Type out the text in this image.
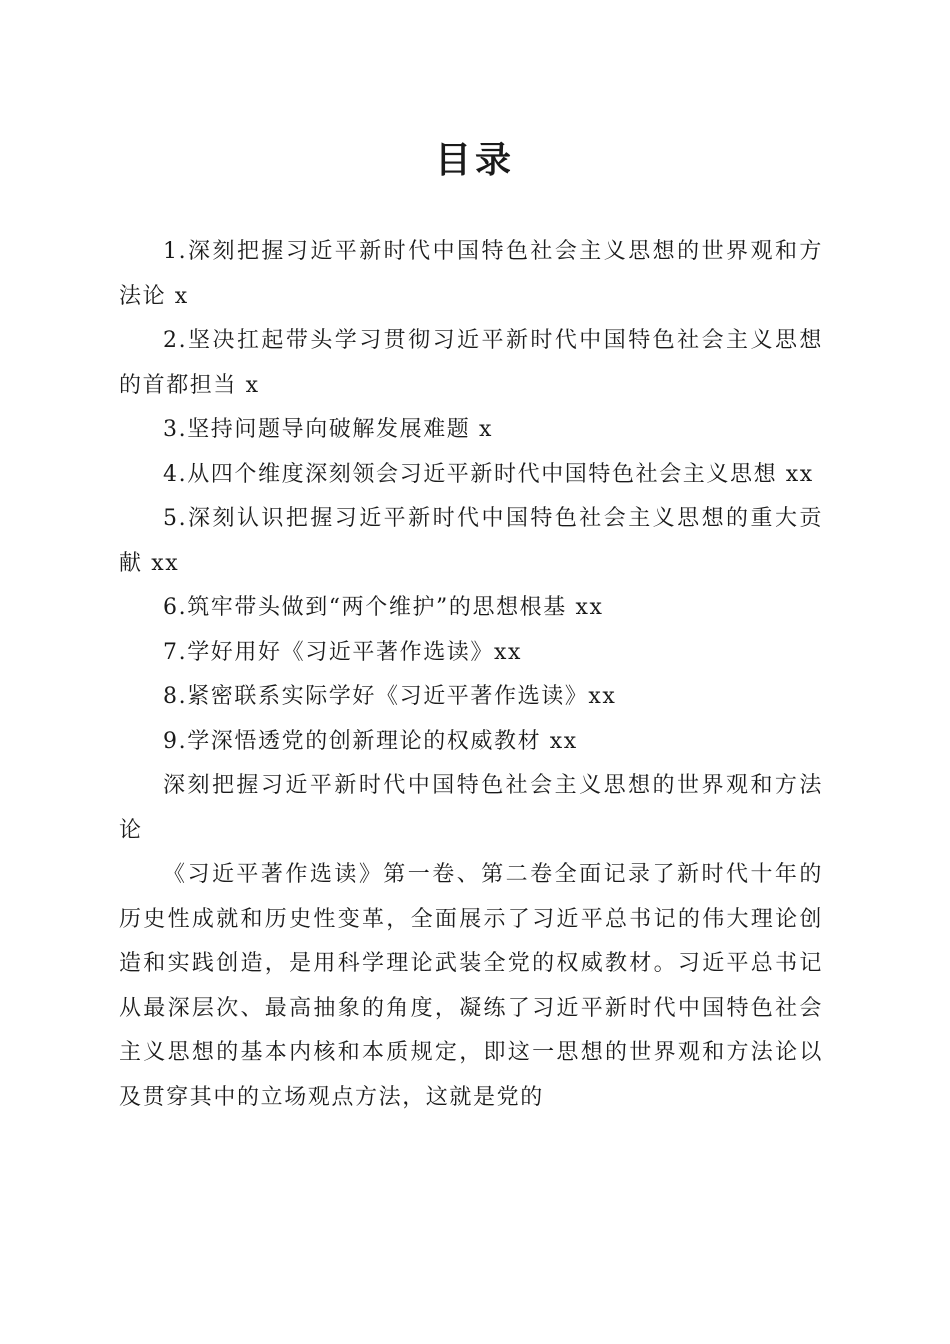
目录

1.深刻把握习近平新时代中国特色社会主义思想的世界观和方法论 x

2.坚决扛起带头学习贯彻习近平新时代中国特色社会主义思想的首都担当 x

3.坚持问题导向破解发展难题 x

4.从四个维度深刻领会习近平新时代中国特色社会主义思想 xx

5.深刻认识把握习近平新时代中国特色社会主义思想的重大贡献 xx

6.筑牢带头做到“两个维护”的思想根基 xx

7.学好用好《习近平著作选读》xx

8.紧密联系实际学好《习近平著作选读》xx

9.学深悟透党的创新理论的权威教材 xx

深刻把握习近平新时代中国特色社会主义思想的世界观和方法论

《习近平著作选读》第一卷、第二卷全面记录了新时代十年的历史性成就和历史性变革，全面展示了习近平总书记的伟大理论创造和实践创造，是用科学理论武装全党的权威教材。习近平总书记从最深层次、最高抽象的角度，凝练了习近平新时代中国特色社会主义思想的基本内核和本质规定，即这一思想的世界观和方法论以及贯穿其中的立场观点方法，这就是党的
